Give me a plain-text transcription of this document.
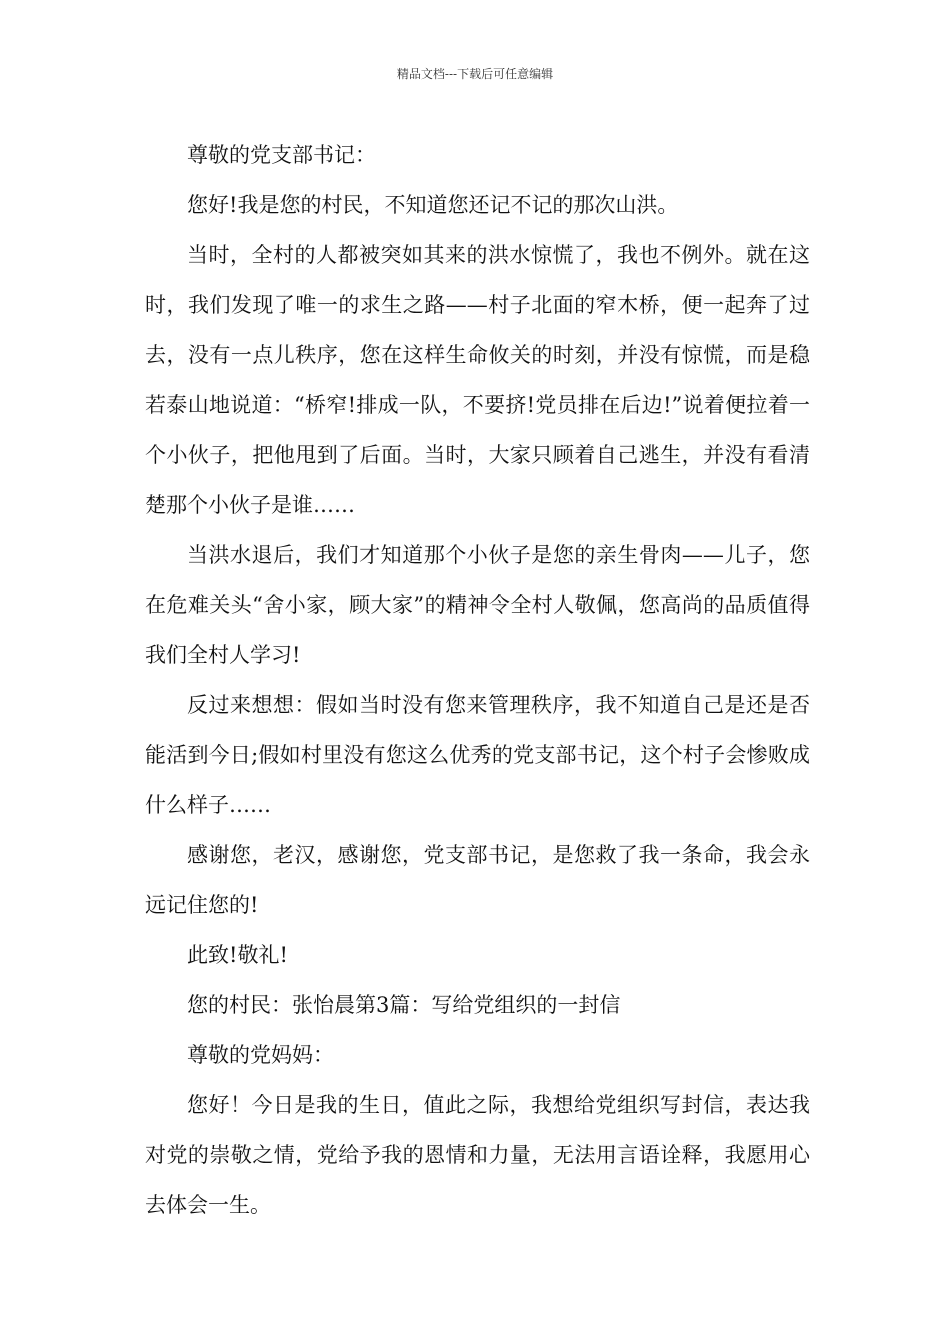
精品文档---下载后可任意编辑

尊敬的党支部书记：

您好!我是您的村民，不知道您还记不记的那次山洪。

当时，全村的人都被突如其来的洪水惊慌了，我也不例外。就在这时，我们发现了唯一的求生之路——村子北面的窄木桥，便一起奔了过去，没有一点儿秩序，您在这样生命攸关的时刻，并没有惊慌，而是稳若泰山地说道：“桥窄!排成一队，不要挤!党员排在后边!”说着便拉着一个小伙子，把他甩到了后面。当时，大家只顾着自己逃生，并没有看清楚那个小伙子是谁……

当洪水退后，我们才知道那个小伙子是您的亲生骨肉——儿子，您在危难关头“舍小家，顾大家”的精神令全村人敬佩，您高尚的品质值得我们全村人学习!

反过来想想：假如当时没有您来管理秩序，我不知道自己是还是否能活到今日;假如村里没有您这么优秀的党支部书记，这个村子会惨败成什么样子……

感谢您，老汉，感谢您，党支部书记，是您救了我一条命，我会永远记住您的!

此致!敬礼!

您的村民：张怡晨第3篇：写给党组织的一封信

尊敬的党妈妈：

您好！今日是我的生日，值此之际，我想给党组织写封信，表达我对党的崇敬之情，党给予我的恩情和力量，无法用言语诠释，我愿用心去体会一生。
